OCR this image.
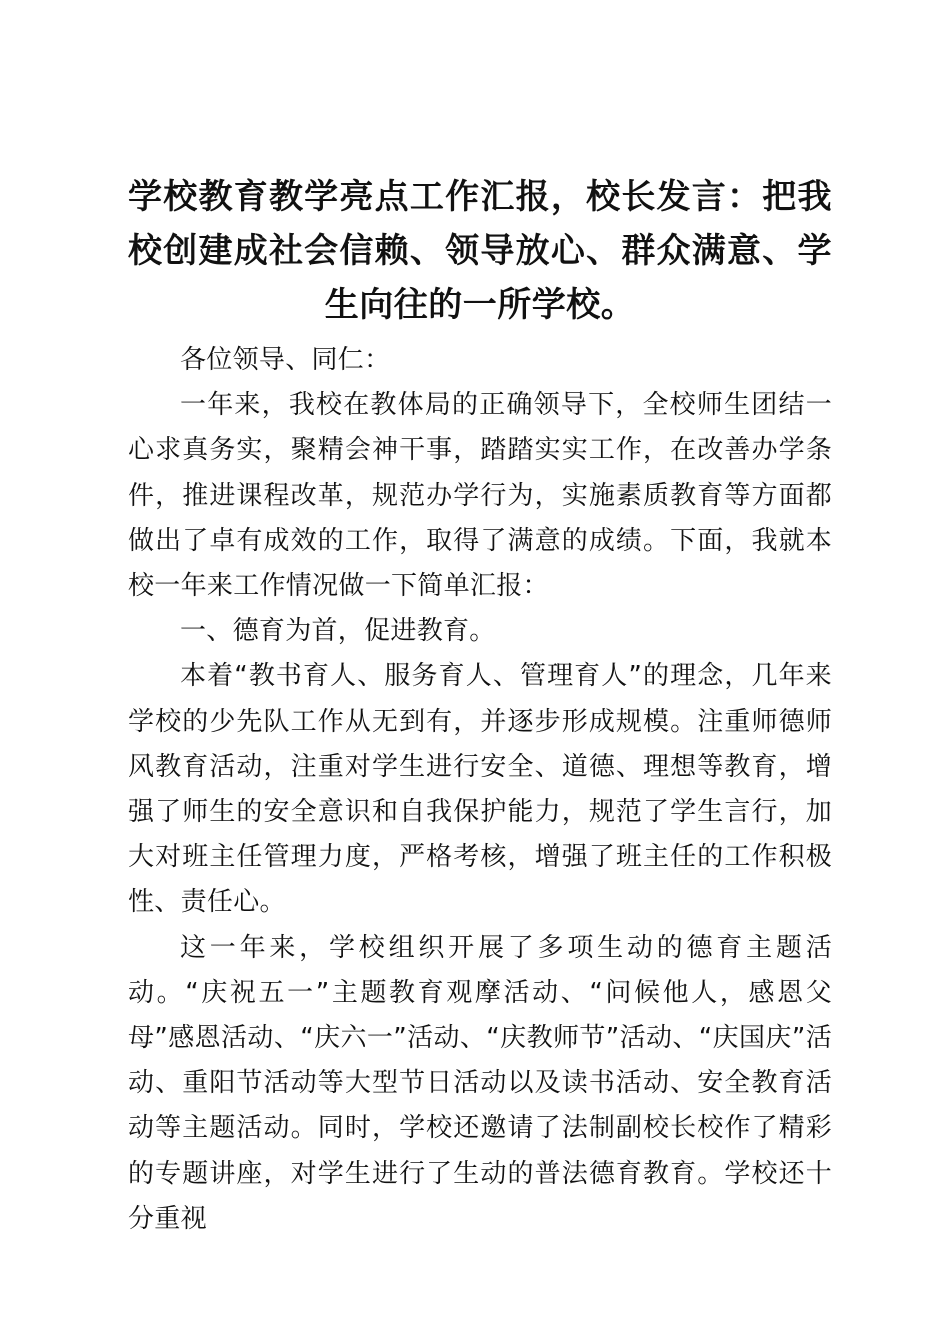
学校教育教学亮点工作汇报，校长发言：把我校创建成社会信赖、领导放心、群众满意、学生向往的一所学校。

各位领导、同仁：

一年来，我校在教体局的正确领导下，全校师生团结一心求真务实，聚精会神干事，踏踏实实工作，在改善办学条件，推进课程改革，规范办学行为，实施素质教育等方面都做出了卓有成效的工作，取得了满意的成绩。下面，我就本校一年来工作情况做一下简单汇报：

一、德育为首，促进教育。

本着“教书育人、服务育人、管理育人”的理念，几年来学校的少先队工作从无到有，并逐步形成规模。注重师德师风教育活动，注重对学生进行安全、道德、理想等教育，增强了师生的安全意识和自我保护能力，规范了学生言行，加大对班主任管理力度，严格考核，增强了班主任的工作积极性、责任心。

这一年来，学校组织开展了多项生动的德育主题活动。“庆祝五一”主题教育观摩活动、“问候他人，感恩父母”感恩活动、“庆六一”活动、“庆教师节”活动、“庆国庆”活动、重阳节活动等大型节日活动以及读书活动、安全教育活动等主题活动。同时，学校还邀请了法制副校长校作了精彩的专题讲座，对学生进行了生动的普法德育教育。学校还十分重视
